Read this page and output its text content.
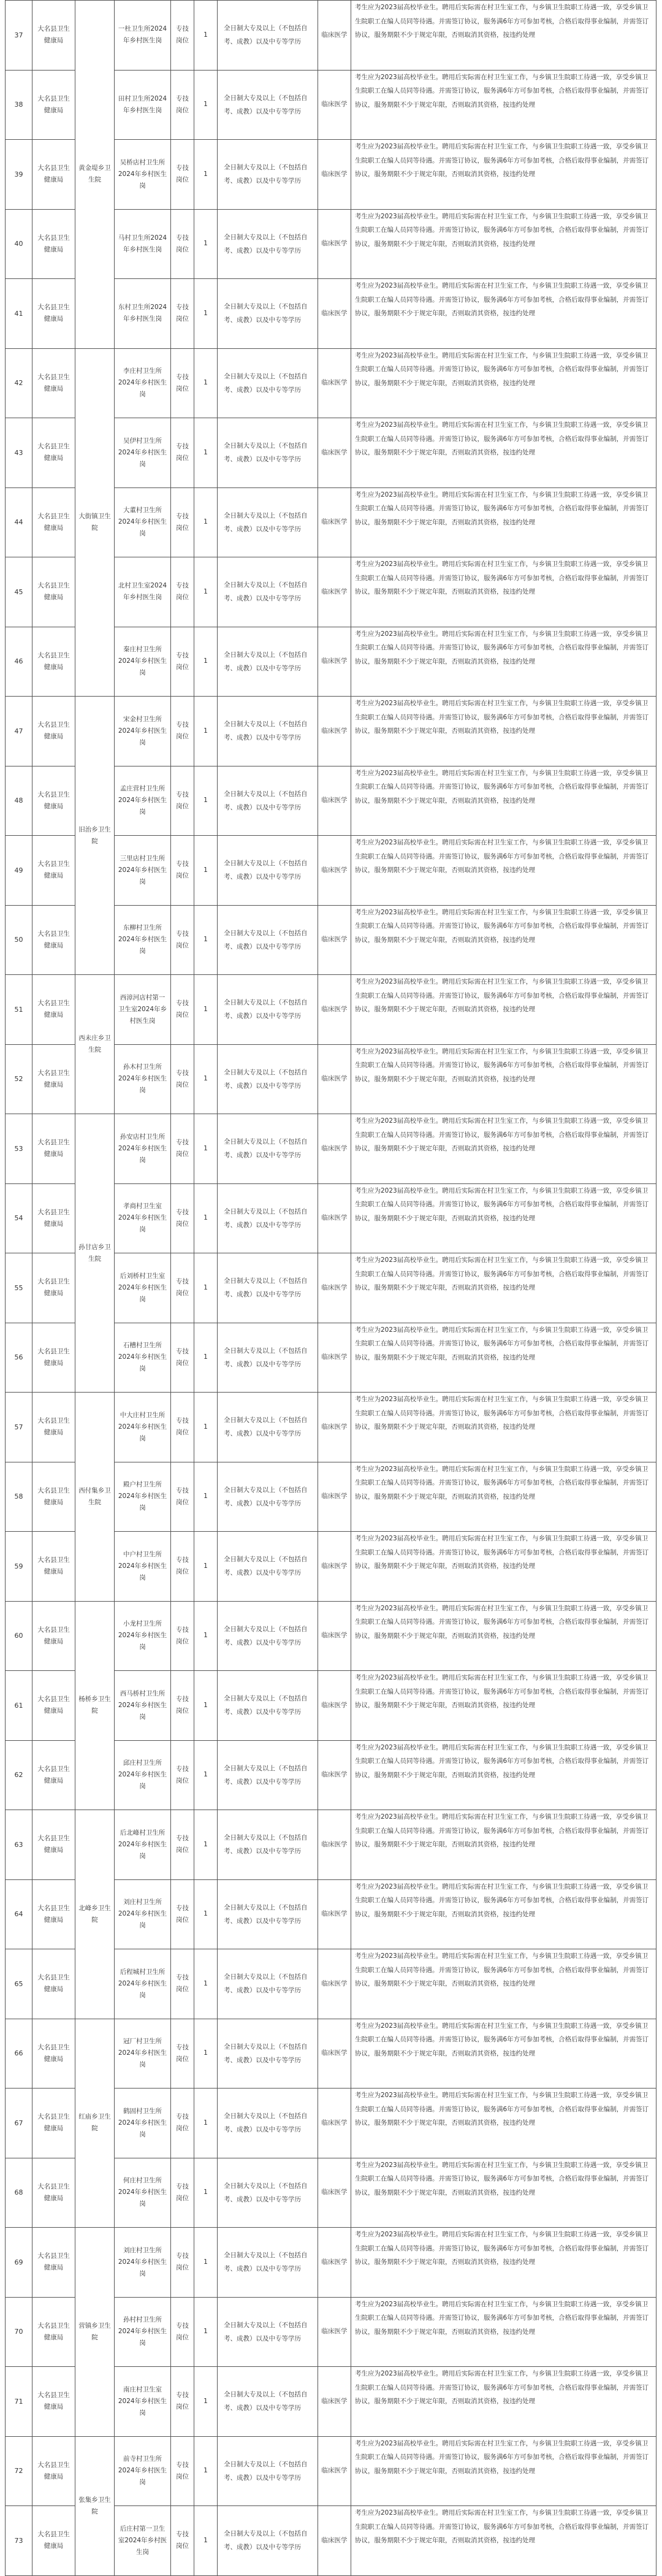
37	大名县卫生健康局	黄金堤乡卫生院	一杜卫生所2024年乡村医生岗	专技岗位	1	全日制大专及以上（不包括自考、成教）以及中专等学历	临床医学	考生应为2023届高校毕业生。聘用后实际需在村卫生室工作，与乡镇卫生院职工待遇一致，享受乡镇卫生院职工在编人员同等待遇。并需签订协议，服务满6年方可参加考核，合格后取得事业编制，并需签订协议，服务期限不少于规定年限，否则取消其资格，按违约处理
38	大名县卫生健康局		田村卫生所2024年乡村医生岗	专技岗位	1	全日制大专及以上（不包括自考、成教）以及中专等学历	临床医学	考生应为2023届高校毕业生。聘用后实际需在村卫生室工作，与乡镇卫生院职工待遇一致，享受乡镇卫生院职工在编人员同等待遇。并需签订协议，服务满6年方可参加考核，合格后取得事业编制，并需签订协议，服务期限不少于规定年限，否则取消其资格，按违约处理
39	大名县卫生健康局		吴桥店村卫生所2024年乡村医生岗	专技岗位	1	全日制大专及以上（不包括自考、成教）以及中专等学历	临床医学	考生应为2023届高校毕业生。聘用后实际需在村卫生室工作，与乡镇卫生院职工待遇一致，享受乡镇卫生院职工在编人员同等待遇。并需签订协议，服务满6年方可参加考核，合格后取得事业编制，并需签订协议，服务期限不少于规定年限，否则取消其资格，按违约处理
40	大名县卫生健康局		马村卫生所2024年乡村医生岗	专技岗位	1	全日制大专及以上（不包括自考、成教）以及中专等学历	临床医学	考生应为2023届高校毕业生。聘用后实际需在村卫生室工作，与乡镇卫生院职工待遇一致，享受乡镇卫生院职工在编人员同等待遇。并需签订协议，服务满6年方可参加考核，合格后取得事业编制，并需签订协议，服务期限不少于规定年限，否则取消其资格，按违约处理
41	大名县卫生健康局		东村卫生所2024年乡村医生岗	专技岗位	1	全日制大专及以上（不包括自考、成教）以及中专等学历	临床医学	考生应为2023届高校毕业生。聘用后实际需在村卫生室工作，与乡镇卫生院职工待遇一致，享受乡镇卫生院职工在编人员同等待遇。并需签订协议，服务满6年方可参加考核，合格后取得事业编制，并需签订协议，服务期限不少于规定年限，否则取消其资格，按违约处理
42	大名县卫生健康局	大街镇卫生院	李庄村卫生所2024年乡村医生岗	专技岗位	1	全日制大专及以上（不包括自考、成教）以及中专等学历	临床医学	考生应为2023届高校毕业生。聘用后实际需在村卫生室工作，与乡镇卫生院职工待遇一致，享受乡镇卫生院职工在编人员同等待遇。并需签订协议，服务满6年方可参加考核，合格后取得事业编制，并需签订协议，服务期限不少于规定年限，否则取消其资格，按违约处理
43	大名县卫生健康局		吴伊村卫生所2024年乡村医生岗	专技岗位	1	全日制大专及以上（不包括自考、成教）以及中专等学历	临床医学	考生应为2023届高校毕业生。聘用后实际需在村卫生室工作，与乡镇卫生院职工待遇一致，享受乡镇卫生院职工在编人员同等待遇。并需签订协议，服务满6年方可参加考核，合格后取得事业编制，并需签订协议，服务期限不少于规定年限，否则取消其资格，按违约处理
44	大名县卫生健康局		大董村卫生所2024年乡村医生岗	专技岗位	1	全日制大专及以上（不包括自考、成教）以及中专等学历	临床医学	考生应为2023届高校毕业生。聘用后实际需在村卫生室工作，与乡镇卫生院职工待遇一致，享受乡镇卫生院职工在编人员同等待遇。并需签订协议，服务满6年方可参加考核，合格后取得事业编制，并需签订协议，服务期限不少于规定年限，否则取消其资格，按违约处理
45	大名县卫生健康局		北村卫生室2024年乡村医生岗	专技岗位	1	全日制大专及以上（不包括自考、成教）以及中专等学历	临床医学	考生应为2023届高校毕业生。聘用后实际需在村卫生室工作，与乡镇卫生院职工待遇一致，享受乡镇卫生院职工在编人员同等待遇。并需签订协议，服务满6年方可参加考核，合格后取得事业编制，并需签订协议，服务期限不少于规定年限，否则取消其资格，按违约处理
46	大名县卫生健康局		秦庄村卫生所2024年乡村医生岗	专技岗位	1	全日制大专及以上（不包括自考、成教）以及中专等学历	临床医学	考生应为2023届高校毕业生。聘用后实际需在村卫生室工作，与乡镇卫生院职工待遇一致，享受乡镇卫生院职工在编人员同等待遇。并需签订协议，服务满6年方可参加考核，合格后取得事业编制，并需签订协议，服务期限不少于规定年限，否则取消其资格，按违约处理
47	大名县卫生健康局	旧治乡卫生院	宋金村卫生所2024年乡村医生岗	专技岗位	1	全日制大专及以上（不包括自考、成教）以及中专等学历	临床医学	考生应为2023届高校毕业生。聘用后实际需在村卫生室工作，与乡镇卫生院职工待遇一致，享受乡镇卫生院职工在编人员同等待遇。并需签订协议，服务满6年方可参加考核，合格后取得事业编制，并需签订协议，服务期限不少于规定年限，否则取消其资格，按违约处理
48	大名县卫生健康局		孟庄营村卫生所2024年乡村医生岗	专技岗位	1	全日制大专及以上（不包括自考、成教）以及中专等学历	临床医学	考生应为2023届高校毕业生。聘用后实际需在村卫生室工作，与乡镇卫生院职工待遇一致，享受乡镇卫生院职工在编人员同等待遇。并需签订协议，服务满6年方可参加考核，合格后取得事业编制，并需签订协议，服务期限不少于规定年限，否则取消其资格，按违约处理
49	大名县卫生健康局		三里店村卫生所2024年乡村医生岗	专技岗位	1	全日制大专及以上（不包括自考、成教）以及中专等学历	临床医学	考生应为2023届高校毕业生。聘用后实际需在村卫生室工作，与乡镇卫生院职工待遇一致，享受乡镇卫生院职工在编人员同等待遇。并需签订协议，服务满6年方可参加考核，合格后取得事业编制，并需签订协议，服务期限不少于规定年限，否则取消其资格，按违约处理
50	大名县卫生健康局		东柳村卫生所2024年乡村医生岗	专技岗位	1	全日制大专及以上（不包括自考、成教）以及中专等学历	临床医学	考生应为2023届高校毕业生。聘用后实际需在村卫生室工作，与乡镇卫生院职工待遇一致，享受乡镇卫生院职工在编人员同等待遇。并需签订协议，服务满6年方可参加考核，合格后取得事业编制，并需签订协议，服务期限不少于规定年限，否则取消其资格，按违约处理
51	大名县卫生健康局	西未庄乡卫生院	西漳河店村第一卫生室2024年乡村医生岗	专技岗位	1	全日制大专及以上（不包括自考、成教）以及中专等学历	临床医学	考生应为2023届高校毕业生。聘用后实际需在村卫生室工作，与乡镇卫生院职工待遇一致，享受乡镇卫生院职工在编人员同等待遇。并需签订协议，服务满6年方可参加考核，合格后取得事业编制，并需签订协议，服务期限不少于规定年限，否则取消其资格，按违约处理
52	大名县卫生健康局		孙木村卫生所2024年乡村医生岗	专技岗位	1	全日制大专及以上（不包括自考、成教）以及中专等学历	临床医学	考生应为2023届高校毕业生。聘用后实际需在村卫生室工作，与乡镇卫生院职工待遇一致，享受乡镇卫生院职工在编人员同等待遇。并需签订协议，服务满6年方可参加考核，合格后取得事业编制，并需签订协议，服务期限不少于规定年限，否则取消其资格，按违约处理
53	大名县卫生健康局	孙甘店乡卫生院	孙安店村卫生所2024年乡村医生岗	专技岗位	1	全日制大专及以上（不包括自考、成教）以及中专等学历	临床医学	考生应为2023届高校毕业生。聘用后实际需在村卫生室工作，与乡镇卫生院职工待遇一致，享受乡镇卫生院职工在编人员同等待遇。并需签订协议，服务满6年方可参加考核，合格后取得事业编制，并需签订协议，服务期限不少于规定年限，否则取消其资格，按违约处理
54	大名县卫生健康局		孝商村卫生室2024年乡村医生岗	专技岗位	1	全日制大专及以上（不包括自考、成教）以及中专等学历	临床医学	考生应为2023届高校毕业生。聘用后实际需在村卫生室工作，与乡镇卫生院职工待遇一致，享受乡镇卫生院职工在编人员同等待遇。并需签订协议，服务满6年方可参加考核，合格后取得事业编制，并需签订协议，服务期限不少于规定年限，否则取消其资格，按违约处理
55	大名县卫生健康局		后刘桥村卫生室2024年乡村医生岗	专技岗位	1	全日制大专及以上（不包括自考、成教）以及中专等学历	临床医学	考生应为2023届高校毕业生。聘用后实际需在村卫生室工作，与乡镇卫生院职工待遇一致，享受乡镇卫生院职工在编人员同等待遇。并需签订协议，服务满6年方可参加考核，合格后取得事业编制，并需签订协议，服务期限不少于规定年限，否则取消其资格，按违约处理
56	大名县卫生健康局		石槽村卫生所2024年乡村医生岗	专技岗位	1	全日制大专及以上（不包括自考、成教）以及中专等学历	临床医学	考生应为2023届高校毕业生。聘用后实际需在村卫生室工作，与乡镇卫生院职工待遇一致，享受乡镇卫生院职工在编人员同等待遇。并需签订协议，服务满6年方可参加考核，合格后取得事业编制，并需签订协议，服务期限不少于规定年限，否则取消其资格，按违约处理
57	大名县卫生健康局	西付集乡卫生院	中大庄村卫生所2024年乡村医生岗	专技岗位	1	全日制大专及以上（不包括自考、成教）以及中专等学历	临床医学	考生应为2023届高校毕业生。聘用后实际需在村卫生室工作，与乡镇卫生院职工待遇一致，享受乡镇卫生院职工在编人员同等待遇。并需签订协议，服务满6年方可参加考核，合格后取得事业编制，并需签订协议，服务期限不少于规定年限，否则取消其资格，按违约处理
58	大名县卫生健康局		殿户村卫生所2024年乡村医生岗	专技岗位	1	全日制大专及以上（不包括自考、成教）以及中专等学历	临床医学	考生应为2023届高校毕业生。聘用后实际需在村卫生室工作，与乡镇卫生院职工待遇一致，享受乡镇卫生院职工在编人员同等待遇。并需签订协议，服务满6年方可参加考核，合格后取得事业编制，并需签订协议，服务期限不少于规定年限，否则取消其资格，按违约处理
59	大名县卫生健康局		中户村卫生所2024年乡村医生岗	专技岗位	1	全日制大专及以上（不包括自考、成教）以及中专等学历	临床医学	考生应为2023届高校毕业生。聘用后实际需在村卫生室工作，与乡镇卫生院职工待遇一致，享受乡镇卫生院职工在编人员同等待遇。并需签订协议，服务满6年方可参加考核，合格后取得事业编制，并需签订协议，服务期限不少于规定年限，否则取消其资格，按违约处理
60	大名县卫生健康局	杨桥乡卫生院	小龙村卫生所2024年乡村医生岗	专技岗位	1	全日制大专及以上（不包括自考、成教）以及中专等学历	临床医学	考生应为2023届高校毕业生。聘用后实际需在村卫生室工作，与乡镇卫生院职工待遇一致，享受乡镇卫生院职工在编人员同等待遇。并需签订协议，服务满6年方可参加考核，合格后取得事业编制，并需签订协议，服务期限不少于规定年限，否则取消其资格，按违约处理
61	大名县卫生健康局		西马桥村卫生所2024年乡村医生岗	专技岗位	1	全日制大专及以上（不包括自考、成教）以及中专等学历	临床医学	考生应为2023届高校毕业生。聘用后实际需在村卫生室工作，与乡镇卫生院职工待遇一致，享受乡镇卫生院职工在编人员同等待遇。并需签订协议，服务满6年方可参加考核，合格后取得事业编制，并需签订协议，服务期限不少于规定年限，否则取消其资格，按违约处理
62	大名县卫生健康局		邱庄村卫生所2024年乡村医生岗	专技岗位	1	全日制大专及以上（不包括自考、成教）以及中专等学历	临床医学	考生应为2023届高校毕业生。聘用后实际需在村卫生室工作，与乡镇卫生院职工待遇一致，享受乡镇卫生院职工在编人员同等待遇。并需签订协议，服务满6年方可参加考核，合格后取得事业编制，并需签订协议，服务期限不少于规定年限，否则取消其资格，按违约处理
63	大名县卫生健康局	北峰乡卫生院	后北峰村卫生所2024年乡村医生岗	专技岗位	1	全日制大专及以上（不包括自考、成教）以及中专等学历	临床医学	考生应为2023届高校毕业生。聘用后实际需在村卫生室工作，与乡镇卫生院职工待遇一致，享受乡镇卫生院职工在编人员同等待遇。并需签订协议，服务满6年方可参加考核，合格后取得事业编制，并需签订协议，服务期限不少于规定年限，否则取消其资格，按违约处理
64	大名县卫生健康局		刘庄村卫生所2024年乡村医生岗	专技岗位	1	全日制大专及以上（不包括自考、成教）以及中专等学历	临床医学	考生应为2023届高校毕业生。聘用后实际需在村卫生室工作，与乡镇卫生院职工待遇一致，享受乡镇卫生院职工在编人员同等待遇。并需签订协议，服务满6年方可参加考核，合格后取得事业编制，并需签订协议，服务期限不少于规定年限，否则取消其资格，按违约处理
65	大名县卫生健康局		后程城村卫生所2024年乡村医生岗	专技岗位	1	全日制大专及以上（不包括自考、成教）以及中专等学历	临床医学	考生应为2023届高校毕业生。聘用后实际需在村卫生室工作，与乡镇卫生院职工待遇一致，享受乡镇卫生院职工在编人员同等待遇。并需签订协议，服务满6年方可参加考核，合格后取得事业编制，并需签订协议，服务期限不少于规定年限，否则取消其资格，按违约处理
66	大名县卫生健康局	红庙乡卫生院	冠厂村卫生所2024年乡村医生岗	专技岗位	1	全日制大专及以上（不包括自考、成教）以及中专等学历	临床医学	考生应为2023届高校毕业生。聘用后实际需在村卫生室工作，与乡镇卫生院职工待遇一致，享受乡镇卫生院职工在编人员同等待遇。并需签订协议，服务满6年方可参加考核，合格后取得事业编制，并需签订协议，服务期限不少于规定年限，否则取消其资格，按违约处理
67	大名县卫生健康局		鹤固村卫生所2024年乡村医生岗	专技岗位	1	全日制大专及以上（不包括自考、成教）以及中专等学历	临床医学	考生应为2023届高校毕业生。聘用后实际需在村卫生室工作，与乡镇卫生院职工待遇一致，享受乡镇卫生院职工在编人员同等待遇。并需签订协议，服务满6年方可参加考核，合格后取得事业编制，并需签订协议，服务期限不少于规定年限，否则取消其资格，按违约处理
68	大名县卫生健康局		何庄村卫生所2024年乡村医生岗	专技岗位	1	全日制大专及以上（不包括自考、成教）以及中专等学历	临床医学	考生应为2023届高校毕业生。聘用后实际需在村卫生室工作，与乡镇卫生院职工待遇一致，享受乡镇卫生院职工在编人员同等待遇。并需签订协议，服务满6年方可参加考核，合格后取得事业编制，并需签订协议，服务期限不少于规定年限，否则取消其资格，按违约处理
69	大名县卫生健康局	营镇乡卫生院	刘庄村卫生所2024年乡村医生岗	专技岗位	1	全日制大专及以上（不包括自考、成教）以及中专等学历	临床医学	考生应为2023届高校毕业生。聘用后实际需在村卫生室工作，与乡镇卫生院职工待遇一致，享受乡镇卫生院职工在编人员同等待遇。并需签订协议，服务满6年方可参加考核，合格后取得事业编制，并需签订协议，服务期限不少于规定年限，否则取消其资格，按违约处理
70	大名县卫生健康局		孙村村卫生所2024年乡村医生岗	专技岗位	1	全日制大专及以上（不包括自考、成教）以及中专等学历	临床医学	考生应为2023届高校毕业生。聘用后实际需在村卫生室工作，与乡镇卫生院职工待遇一致，享受乡镇卫生院职工在编人员同等待遇。并需签订协议，服务满6年方可参加考核，合格后取得事业编制，并需签订协议，服务期限不少于规定年限，否则取消其资格，按违约处理
71	大名县卫生健康局		南庄村卫生室2024年乡村医生岗	专技岗位	1	全日制大专及以上（不包括自考、成教）以及中专等学历	临床医学	考生应为2023届高校毕业生。聘用后实际需在村卫生室工作，与乡镇卫生院职工待遇一致，享受乡镇卫生院职工在编人员同等待遇。并需签订协议，服务满6年方可参加考核，合格后取得事业编制，并需签订协议，服务期限不少于规定年限，否则取消其资格，按违约处理
72	大名县卫生健康局	张集乡卫生院	前寺村卫生所2024年乡村医生岗	专技岗位	1	全日制大专及以上（不包括自考、成教）以及中专等学历	临床医学	考生应为2023届高校毕业生。聘用后实际需在村卫生室工作，与乡镇卫生院职工待遇一致，享受乡镇卫生院职工在编人员同等待遇。并需签订协议，服务满6年方可参加考核，合格后取得事业编制，并需签订协议，服务期限不少于规定年限，否则取消其资格，按违约处理
73	大名县卫生健康局		后庄村第一卫生室2024年乡村医生岗	专技岗位	1	全日制大专及以上（不包括自考、成教）以及中专等学历	临床医学	考生应为2023届高校毕业生。聘用后实际需在村卫生室工作，与乡镇卫生院职工待遇一致，享受乡镇卫生院职工在编人员同等待遇。并需签订协议，服务满6年方可参加考核，合格后取得事业编制，并需签订协议，服务期限不少于规定年限，否则取消其资格，按违约处理
